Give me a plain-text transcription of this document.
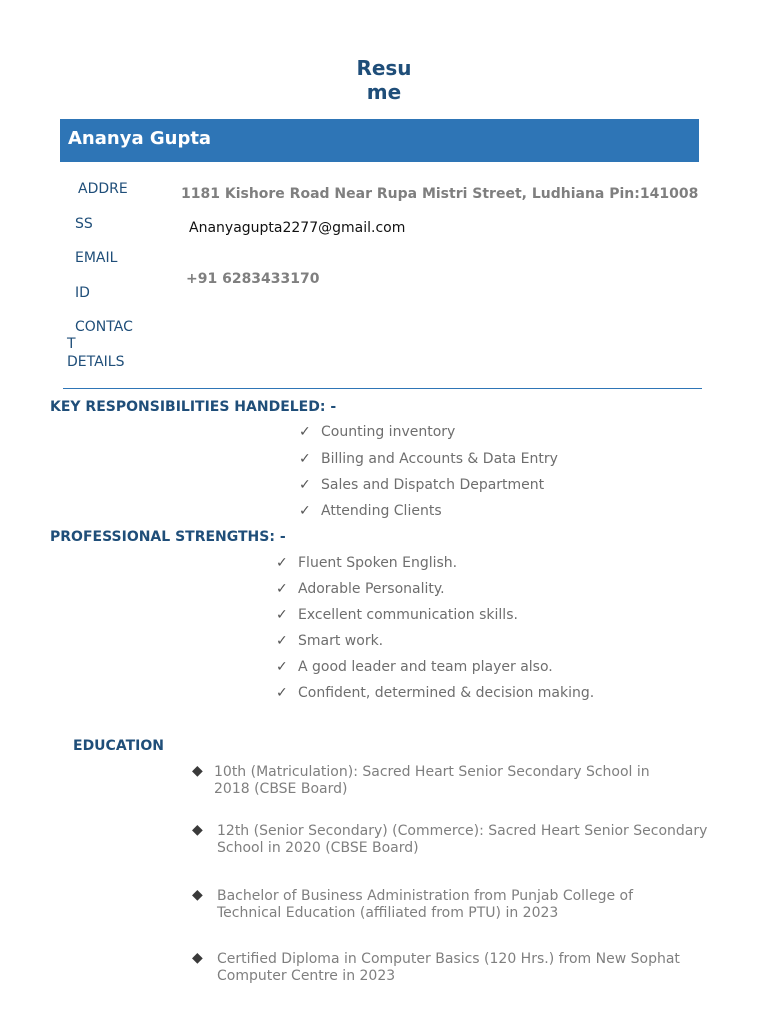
Resu
me
Ananya Gupta
ADDRE
SS
EMAIL
ID
CONTAC
T
DETAILS
1181 Kishore Road Near Rupa Mistri Street, Ludhiana Pin:141008
Ananyagupta2277@gmail.com
+91 6283433170
KEY RESPONSIBILITIES HANDELED: -
✓ Counting inventory
✓ Billing and Accounts & Data Entry
✓ Sales and Dispatch Department
✓ Attending Clients
PROFESSIONAL STRENGTHS: -
✓ Fluent Spoken English.
✓ Adorable Personality.
✓ Excellent communication skills.
✓ Smart work.
✓ A good leader and team player also.
✓ Confident, determined & decision making.
EDUCATION
◆ 10th (Matriculation): Sacred Heart Senior Secondary School in
2018 (CBSE Board)
◆ 12th (Senior Secondary) (Commerce): Sacred Heart Senior Secondary
School in 2020 (CBSE Board)
◆ Bachelor of Business Administration from Punjab College of
Technical Education (affiliated from PTU) in 2023
◆ Certified Diploma in Computer Basics (120 Hrs.) from New Sophat
Computer Centre in 2023
